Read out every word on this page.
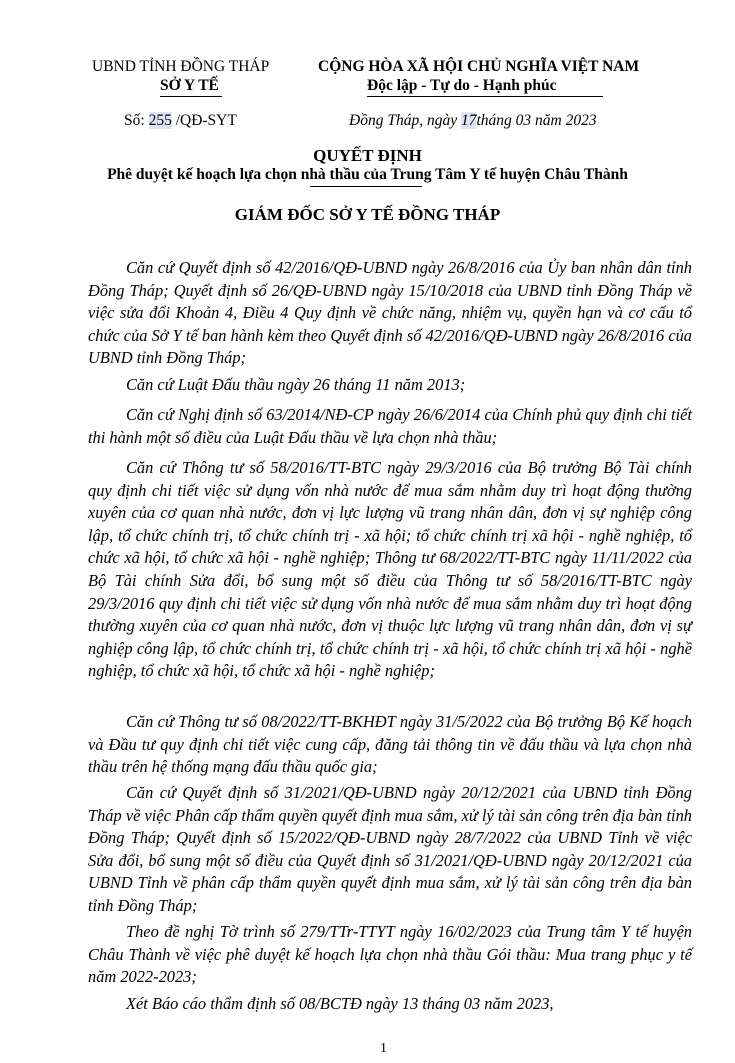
UBND TỈNH ĐỒNG THÁP
SỞ Y TẾ
Số: 255 /QĐ-SYT
CỘNG HÒA XÃ HỘI CHỦ NGHĨA VIỆT NAM
Độc lập - Tự do - Hạnh phúc
Đồng Tháp, ngày 17tháng 03 năm 2023
QUYẾT ĐỊNH
Phê duyệt kế hoạch lựa chọn nhà thầu của Trung Tâm Y tế huyện Châu Thành
GIÁM ĐỐC SỞ Y TẾ ĐỒNG THÁP
Căn cứ Quyết định số 42/2016/QĐ-UBND ngày 26/8/2016 của Ủy ban nhân dân tỉnh Đồng Tháp; Quyết định số 26/QĐ-UBND ngày 15/10/2018 của UBND tỉnh Đồng Tháp về việc sửa đổi Khoản 4, Điều 4 Quy định về chức năng, nhiệm vụ, quyền hạn và cơ cấu tổ chức của Sở Y tế ban hành kèm theo Quyết định số 42/2016/QĐ-UBND ngày 26/8/2016 của UBND tỉnh Đồng Tháp;
Căn cứ Luật Đấu thầu ngày 26 tháng 11 năm 2013;
Căn cứ Nghị định số 63/2014/NĐ-CP ngày 26/6/2014 của Chính phủ quy định chi tiết thi hành một số điều của Luật Đấu thầu về lựa chọn nhà thầu;
Căn cứ Thông tư số 58/2016/TT-BTC ngày 29/3/2016 của Bộ trưởng Bộ Tài chính quy định chi tiết việc sử dụng vốn nhà nước để mua sắm nhằm duy trì hoạt động thường xuyên của cơ quan nhà nước, đơn vị lực lượng vũ trang nhân dân, đơn vị sự nghiệp công lập, tổ chức chính trị, tổ chức chính trị - xã hội; tổ chức chính trị xã hội - nghề nghiệp, tổ chức xã hội, tổ chức xã hội - nghề nghiệp; Thông tư 68/2022/TT-BTC ngày 11/11/2022 của Bộ Tài chính Sửa đổi, bổ sung một số điều của Thông tư số 58/2016/TT-BTC ngày 29/3/2016 quy định chi tiết việc sử dụng vốn nhà nước để mua sắm nhằm duy trì hoạt động thường xuyên của cơ quan nhà nước, đơn vị thuộc lực lượng vũ trang nhân dân, đơn vị sự nghiệp công lập, tổ chức chính trị, tổ chức chính trị - xã hội, tổ chức chính trị xã hội - nghề nghiệp, tổ chức xã hội, tổ chức xã hội - nghề nghiệp;
Căn cứ Thông tư số 08/2022/TT-BKHĐT ngày 31/5/2022 của Bộ trưởng Bộ Kế hoạch và Đầu tư quy định chi tiết việc cung cấp, đăng tải thông tin về đấu thầu và lựa chọn nhà thầu trên hệ thống mạng đấu thầu quốc gia;
Căn cứ Quyết định số 31/2021/QĐ-UBND ngày 20/12/2021 của UBND tỉnh Đồng Tháp về việc Phân cấp thẩm quyền quyết định mua sắm, xử lý tài sản công trên địa bàn tỉnh Đồng Tháp; Quyết định số 15/2022/QĐ-UBND ngày 28/7/2022 của UBND Tỉnh về việc Sửa đổi, bổ sung một số điều của Quyết định số 31/2021/QĐ-UBND ngày 20/12/2021 của UBND Tỉnh về phân cấp thẩm quyền quyết định mua sắm, xử lý tài sản công trên địa bàn tỉnh Đồng Tháp;
Theo đề nghị Tờ trình số 279/TTr-TTYT ngày 16/02/2023 của Trung tâm Y tế huyện Châu Thành về việc phê duyệt kế hoạch lựa chọn nhà thầu Gói thầu: Mua trang phục y tế năm 2022-2023;
Xét Báo cáo thẩm định số 08/BCTĐ ngày 13 tháng 03 năm 2023,
1
